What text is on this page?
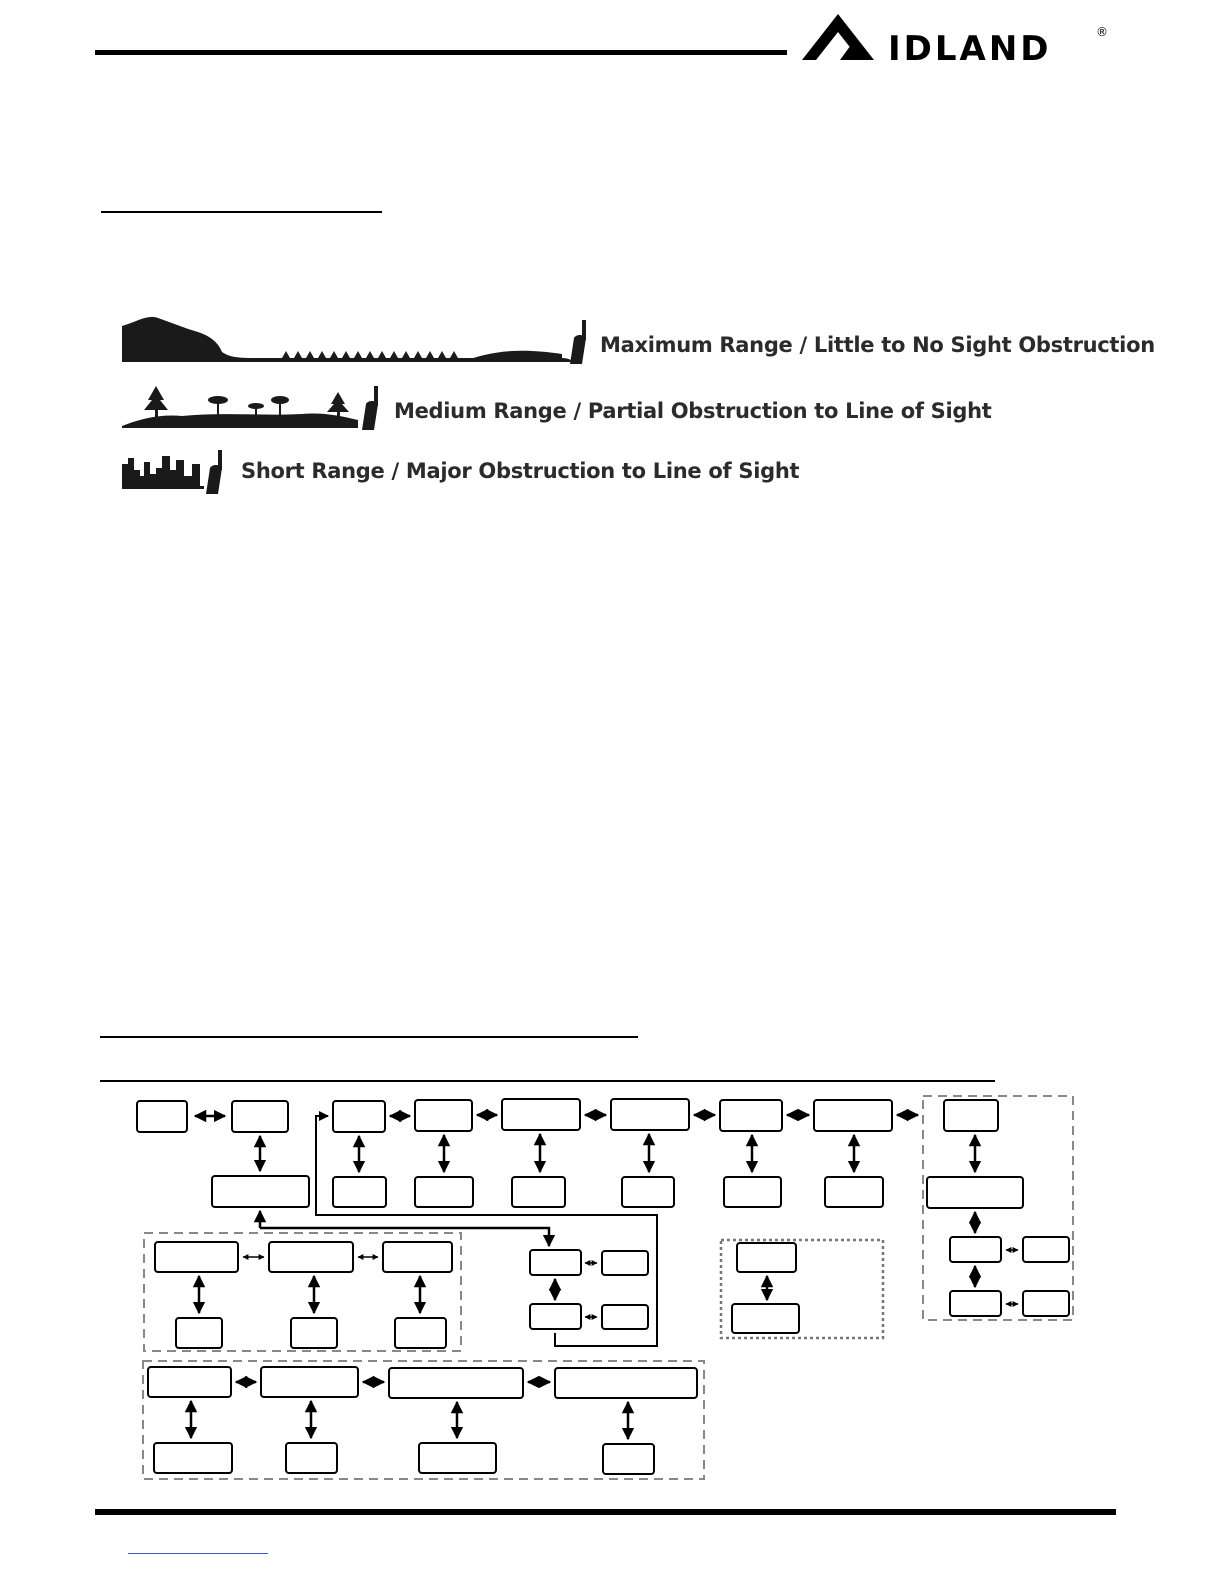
IDLAND	®
Maximum Range / Little to No Sight Obstruction
Medium Range / Partial Obstruction to Line of Sight
Short Range / Major Obstruction to Line of Sight
